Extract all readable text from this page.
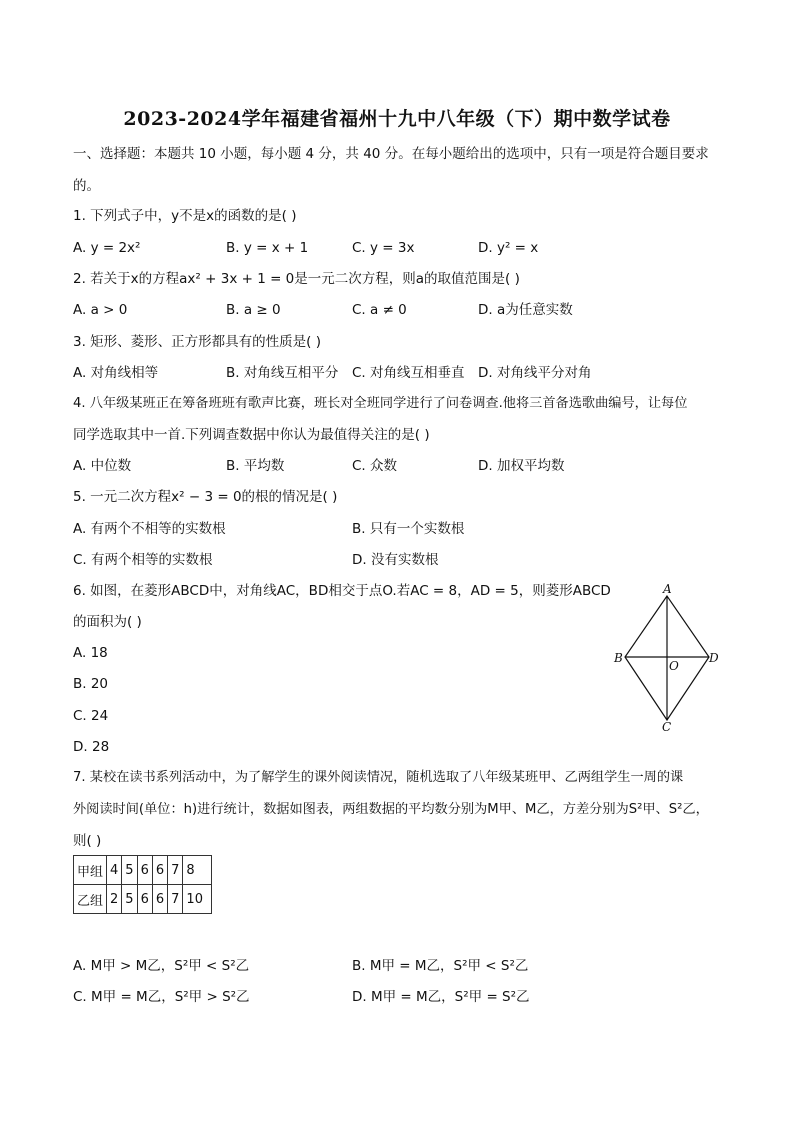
2023-2024学年福建省福州十九中八年级（下）期中数学试卷
一、选择题：本题共 10 小题，每小题 4 分，共 40 分。在每小题给出的选项中，只有一项是符合题目要求
的。
1. 下列式子中，y不是x的函数的是( )
A. y = 2x²	B. y = x + 1	C. y = 3x	D. y² = x
2. 若关于x的方程ax² + 3x + 1 = 0是一元二次方程，则a的取值范围是( )
A. a > 0	B. a ≥ 0	C. a ≠ 0	D. a为任意实数
3. 矩形、菱形、正方形都具有的性质是( )
A. 对角线相等	B. 对角线互相平分 C. 对角线互相垂直 D. 对角线平分对角
4. 八年级某班正在筹备班班有歌声比赛，班长对全班同学进行了问卷调查.他将三首备选歌曲编号，让每位
同学选取其中一首.下列调查数据中你认为最值得关注的是( )
A. 中位数	B. 平均数	C. 众数	D. 加权平均数
5. 一元二次方程x² − 3 = 0的根的情况是( )
A. 有两个不相等的实数根	B. 只有一个实数根
C. 有两个相等的实数根	D. 没有实数根
6. 如图，在菱形ABCD中，对角线AC，BD相交于点O.若AC = 8，AD = 5，则菱形ABCD
的面积为( )
A. 18
B. 20
C. 24
D. 28
A
B
C
D
O
7. 某校在读书系列活动中，为了解学生的课外阅读情况，随机选取了八年级某班甲、乙两组学生一周的课
外阅读时间(单位：h)进行统计，数据如图表，两组数据的平均数分别为M甲、M乙，方差分别为S²甲、S²乙，
则( )
甲组	4	5	6	6	7	8
乙组	2	5	6	6	7	10
A. M甲 > M乙，S²甲 < S²乙	B. M甲 = M乙，S²甲 < S²乙
C. M甲 = M乙，S²甲 > S²乙	D. M甲 = M乙，S²甲 = S²乙
